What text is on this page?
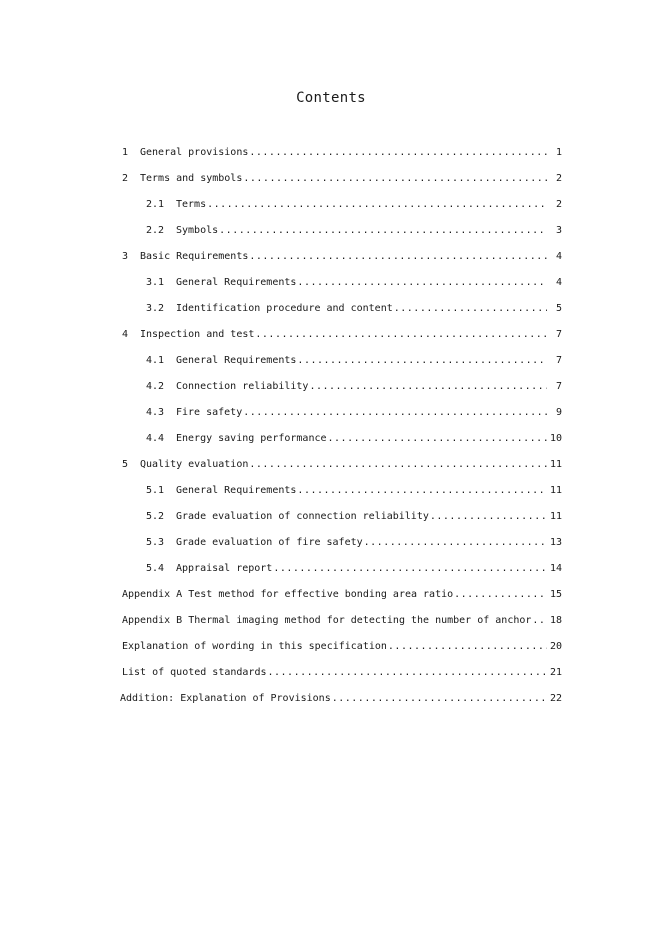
Contents
1	General provisions .....	1
2	Terms and symbols .....	2
2.1	Terms .....	2
2.2	Symbols .....	3
3	Basic Requirements .....	4
3.1	General Requirements .....	4
3.2	Identification procedure and content .....	5
4	Inspection and test .....	7
4.1	General Requirements .....	7
4.2	Connection reliability .....	7
4.3	Fire safety .....	9
4.4	Energy saving performance .....	10
5	Quality evaluation .....	11
5.1	General Requirements .....	11
5.2	Grade evaluation of connection reliability .....	11
5.3	Grade evaluation of fire safety .....	13
5.4	Appraisal report .....	14
Appendix A Test method for effective bonding area ratio .....	15
Appendix B Thermal imaging method for detecting the number of anchor ..... 18
Explanation of wording in this specification .....	20
List of quoted standards .....	21
Addition: Explanation of Provisions .....	22
